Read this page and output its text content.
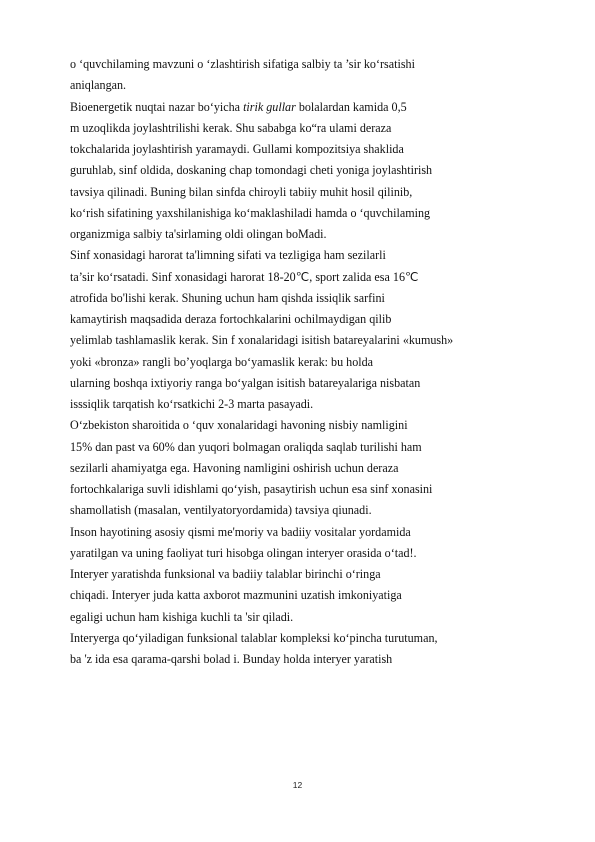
o ‘quvchilaming mavzuni o ‘zlashtirish sifatiga salbiy ta ’sir ko‘rsatishi
aniqlangan.
Bioenergetik nuqtai nazar bo‘yicha tirik gullar bolalardan kamida 0,5
m uzoqlikda joylashtrilishi kerak. Shu sababga ko“ra ulami deraza
tokchalarida joylashtirish yaramaydi. Gullami kompozitsiya shaklida
guruhlab, sinf oldida, doskaning chap tomondagi cheti yoniga joylashtirish
tavsiya qilinadi. Buning bilan sinfda chiroyli tabiiy muhit hosil qilinib,
ko‘rish sifatining yaxshilanishiga ko‘maklashiladi hamda o ‘quvchilaming
organizmiga salbiy ta'sirlaming oldi olingan boMadi.
Sinf xonasidagi harorat ta'limning sifati va tezligiga ham sezilarli
ta’sir ko‘rsatadi. Sinf xonasidagi harorat 18-20℃, sport zalida esa 16℃
atrofida bo'lishi kerak. Shuning uchun ham qishda issiqlik sarfini
kamaytirish maqsadida deraza fortochkalarini ochilmaydigan qilib
yelimlab tashlamaslik kerak. Sin f xonalaridagi isitish batareyalarini «kumush»
yoki «bronza» rangli bo’yoqlarga bo‘yamaslik kerak: bu holda
ularning boshqa ixtiyoriy ranga bo‘yalgan isitish batareyalariga nisbatan
isssiqlik tarqatish ko‘rsatkichi 2-3 marta pasayadi.
O‘zbekiston sharoitida o ‘quv xonalaridagi havoning nisbiy namligini
15% dan past va 60% dan yuqori bolmagan oraliqda saqlab turilishi ham
sezilarli ahamiyatga ega. Havoning namligini oshirish uchun deraza
fortochkalariga suvli idishlami qo‘yish, pasaytirish uchun esa sinf xonasini
shamollatish (masalan, ventilyatoryordamida) tavsiya qiunadi.
Inson hayotining asosiy qismi me'moriy va badiiy vositalar yordamida
yaratilgan va uning faoliyat turi hisobga olingan interyer orasida o‘tad!.
Interyer yaratishda funksional va badiiy talablar birinchi o‘ringa
chiqadi. Interyer juda katta axborot mazmunini uzatish imkoniyatiga
egaligi uchun ham kishiga kuchli ta 'sir qiladi.
Interyerga qo‘yiladigan funksional talablar kompleksi ko‘pincha turutuman,
ba 'z ida esa qarama-qarshi bolad i. Bunday holda interyer yaratish
12
